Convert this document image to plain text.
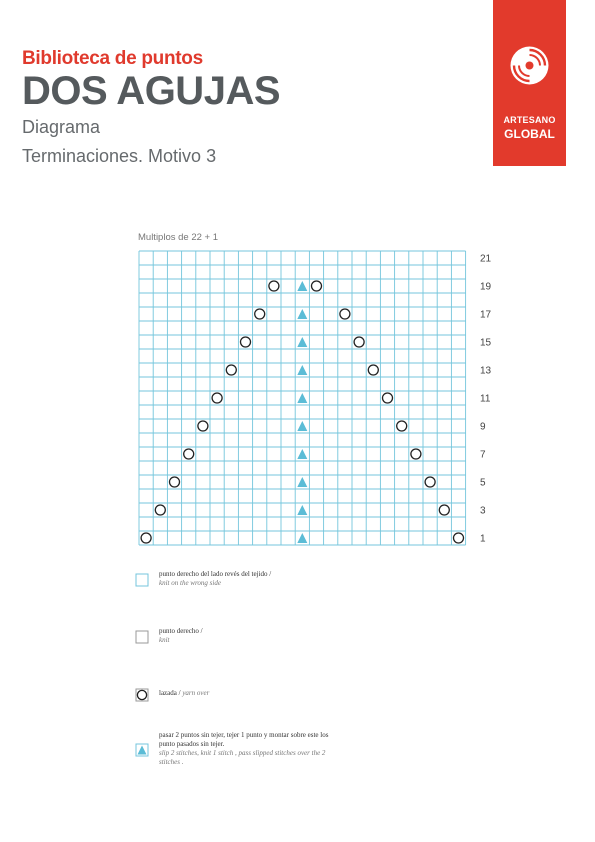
Biblioteca de puntos
DOS AGUJAS
Diagrama
Terminaciones. Motivo 3
ARTESANO
GLOBAL
Multiplos de 22 + 1
1
3
5
7
9
11
13
15
17
19
21
punto derecho del lado revés del tejido /
knit on the wrong side
punto derecho /
knit
lazada / yarn over
pasar 2 puntos sin tejer, tejer 1 punto y montar sobre este los punto pasados sin tejer.
slip 2 stitches, knit 1 stitch , pass slipped stitches over the 2 stitches .
